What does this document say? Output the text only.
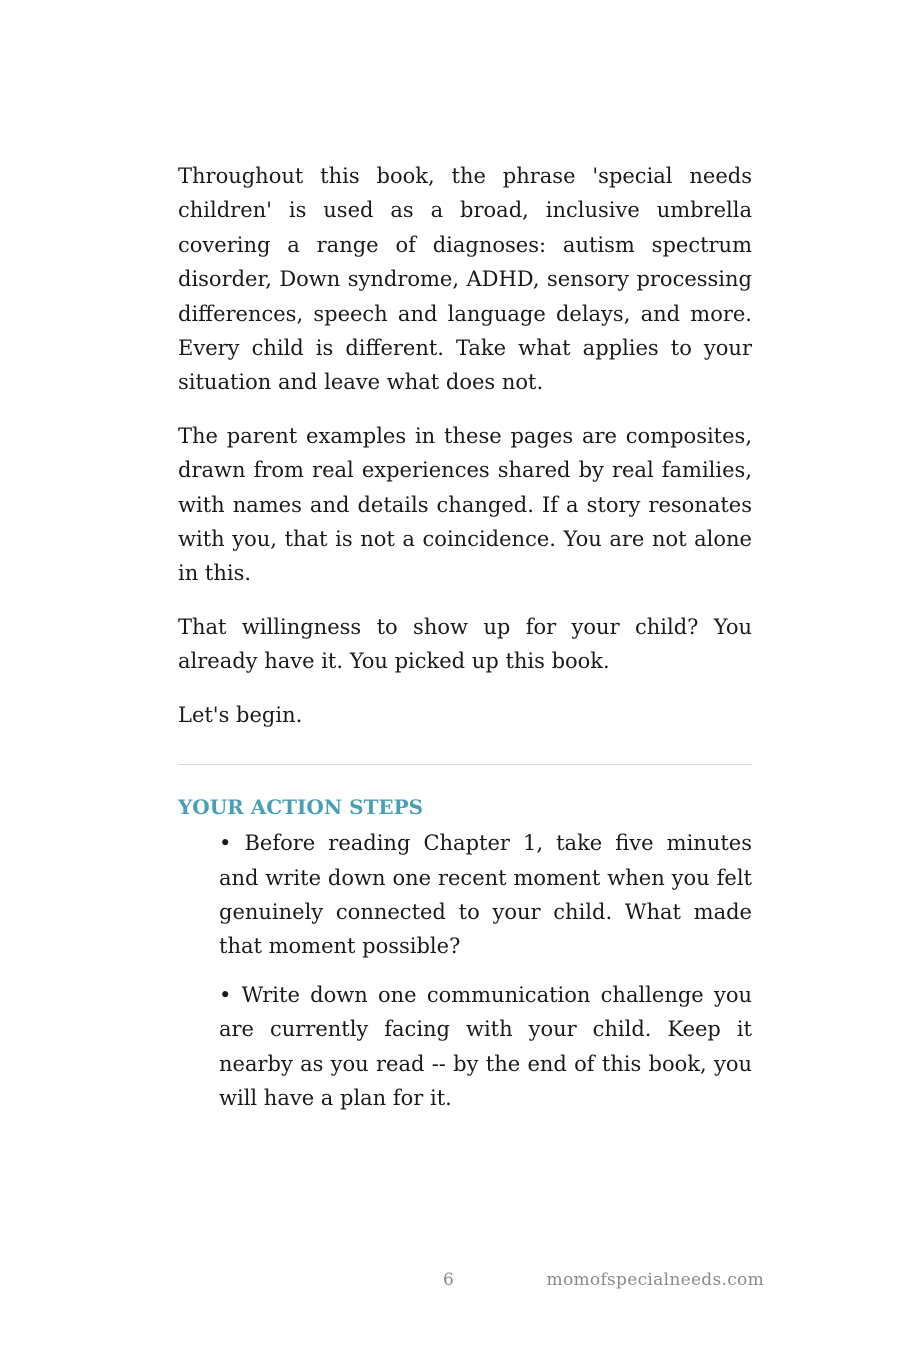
Throughout this book, the phrase 'special needs children' is used as a broad, inclusive umbrella covering a range of diagnoses: autism spectrum disorder, Down syndrome, ADHD, sensory processing differences, speech and language delays, and more. Every child is different. Take what applies to your situation and leave what does not.

The parent examples in these pages are composites, drawn from real experiences shared by real families, with names and details changed. If a story resonates with you, that is not a coincidence. You are not alone in this.

That willingness to show up for your child? You already have it. You picked up this book.

Let's begin.

YOUR ACTION STEPS
• Before reading Chapter 1, take five minutes and write down one recent moment when you felt genuinely connected to your child. What made that moment possible?
• Write down one communication challenge you are currently facing with your child. Keep it nearby as you read -- by the end of this book, you will have a plan for it.
6	momofspecialneeds.com
